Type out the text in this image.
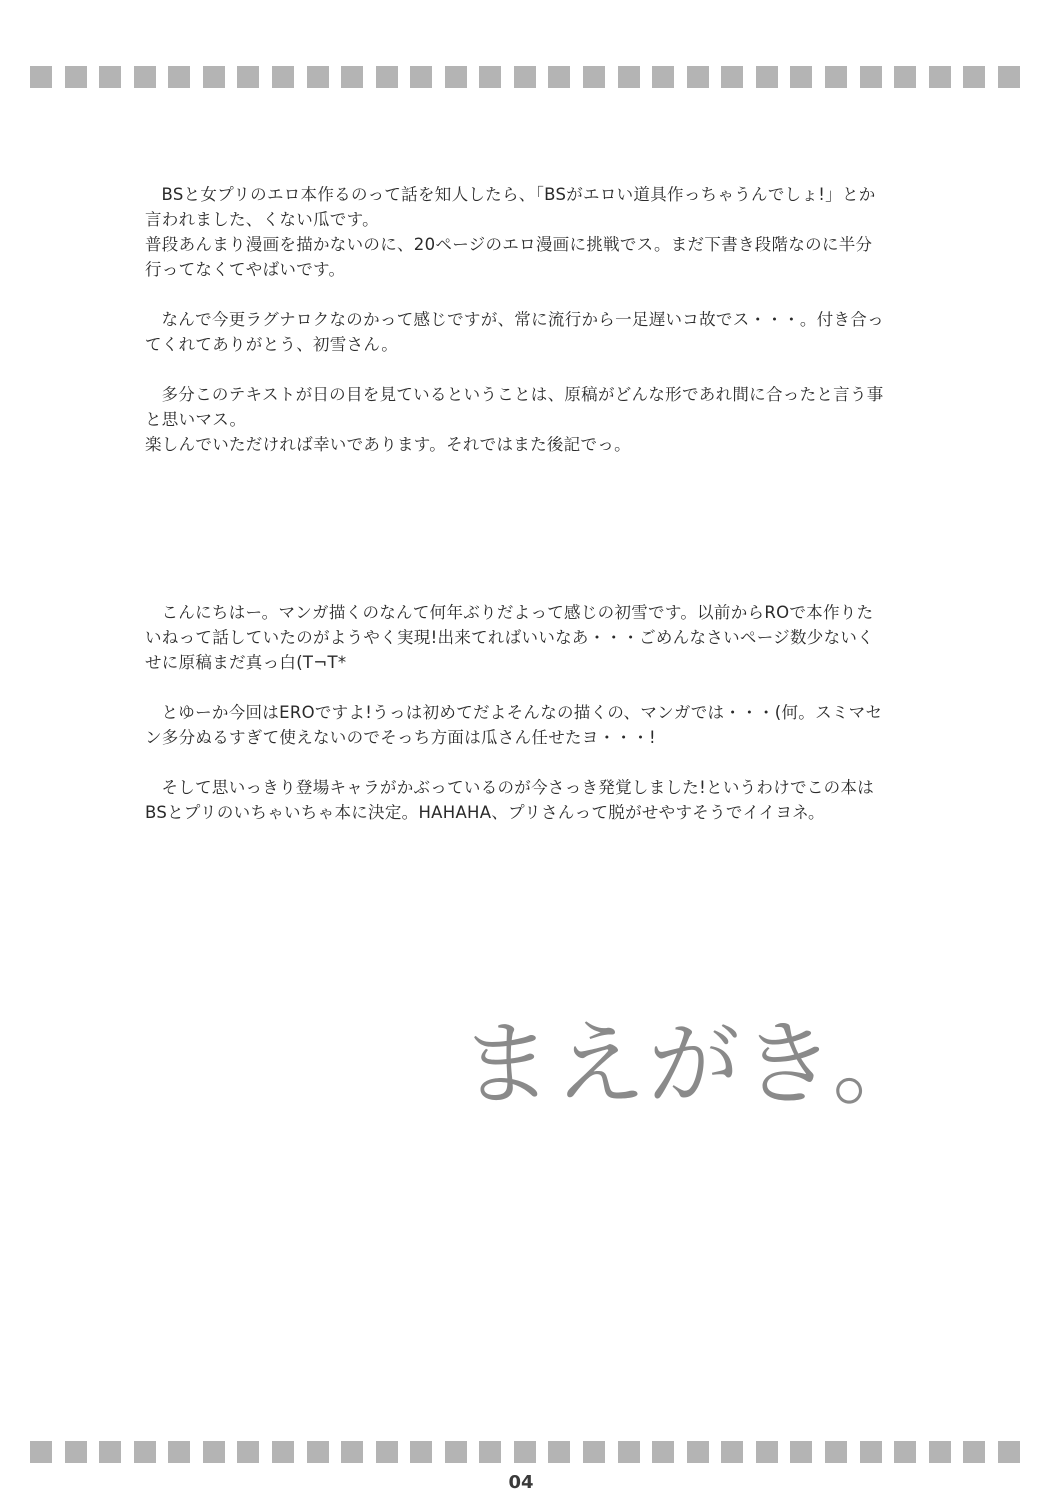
BSと女プリのエロ本作るのって話を知人したら、「BSがエロい道具作っちゃうんでしょ!」とか言われました、くない瓜です。
普段あんまり漫画を描かないのに、20ページのエロ漫画に挑戦でス。まだ下書き段階なのに半分行ってなくてやばいです。

なんで今更ラグナロクなのかって感じですが、常に流行から一足遅いコ故でス・・・。付き合ってくれてありがとう、初雪さん。

多分このテキストが日の目を見ているということは、原稿がどんな形であれ間に合ったと言う事と思いマス。
楽しんでいただければ幸いであります。それではまた後記でっ。

こんにちはー。マンガ描くのなんて何年ぶりだよって感じの初雪です。以前からROで本作りたいねって話していたのがようやく実現!出来てればいいなあ・・・ごめんなさいページ数少ないくせに原稿まだ真っ白(T¬T*

とゆーか今回はEROですよ!うっは初めてだよそんなの描くの、マンガでは・・・(何。スミマセン多分ぬるすぎて使えないのでそっち方面は瓜さん任せたヨ・・・!

そして思いっきり登場キャラがかぶっているのが今さっき発覚しました!というわけでこの本はBSとプリのいちゃいちゃ本に決定。HAHAHA、プリさんって脱がせやすそうでイイヨネ。

まえがき。
04
